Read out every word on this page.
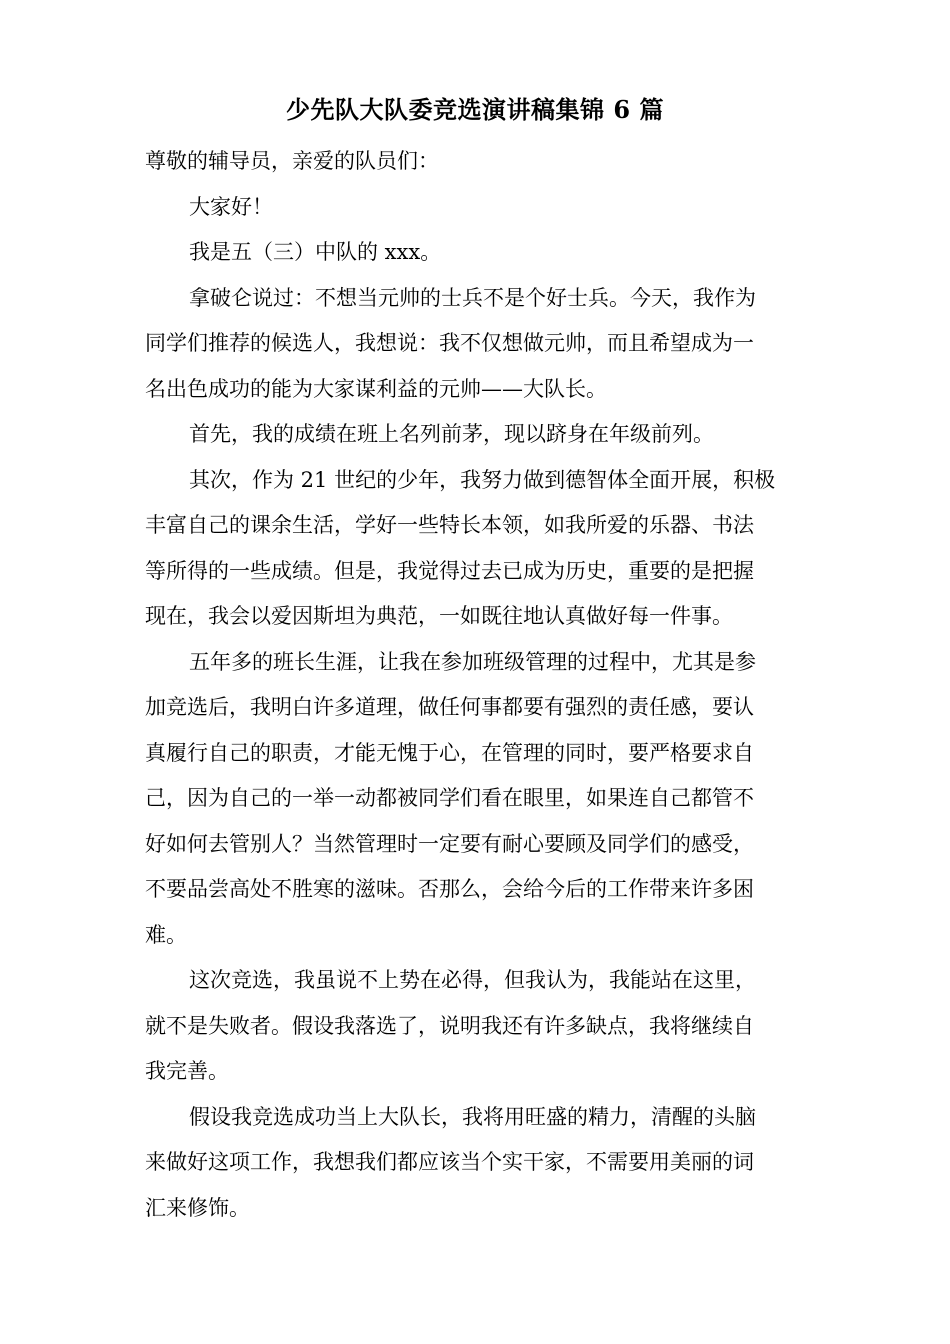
少先队大队委竞选演讲稿集锦 6 篇
尊敬的辅导员，亲爱的队员们：
大家好！
我是五（三）中队的 xxx。
拿破仑说过：不想当元帅的士兵不是个好士兵。今天，我作为
同学们推荐的候选人，我想说：我不仅想做元帅，而且希望成为一
名出色成功的能为大家谋利益的元帅——大队长。
首先，我的成绩在班上名列前茅，现以跻身在年级前列。
其次，作为 21 世纪的少年，我努力做到德智体全面开展，积极
丰富自己的课余生活，学好一些特长本领，如我所爱的乐器、书法
等所得的一些成绩。但是，我觉得过去已成为历史，重要的是把握
现在，我会以爱因斯坦为典范，一如既往地认真做好每一件事。
五年多的班长生涯，让我在参加班级管理的过程中，尤其是参
加竞选后，我明白许多道理，做任何事都要有强烈的责任感，要认
真履行自己的职责，才能无愧于心，在管理的同时，要严格要求自
己，因为自己的一举一动都被同学们看在眼里，如果连自己都管不
好如何去管别人？当然管理时一定要有耐心要顾及同学们的感受，
不要品尝高处不胜寒的滋味。否那么，会给今后的工作带来许多困
难。
这次竞选，我虽说不上势在必得，但我认为，我能站在这里，
就不是失败者。假设我落选了，说明我还有许多缺点，我将继续自
我完善。
假设我竞选成功当上大队长，我将用旺盛的精力，清醒的头脑
来做好这项工作，我想我们都应该当个实干家，不需要用美丽的词
汇来修饰。
